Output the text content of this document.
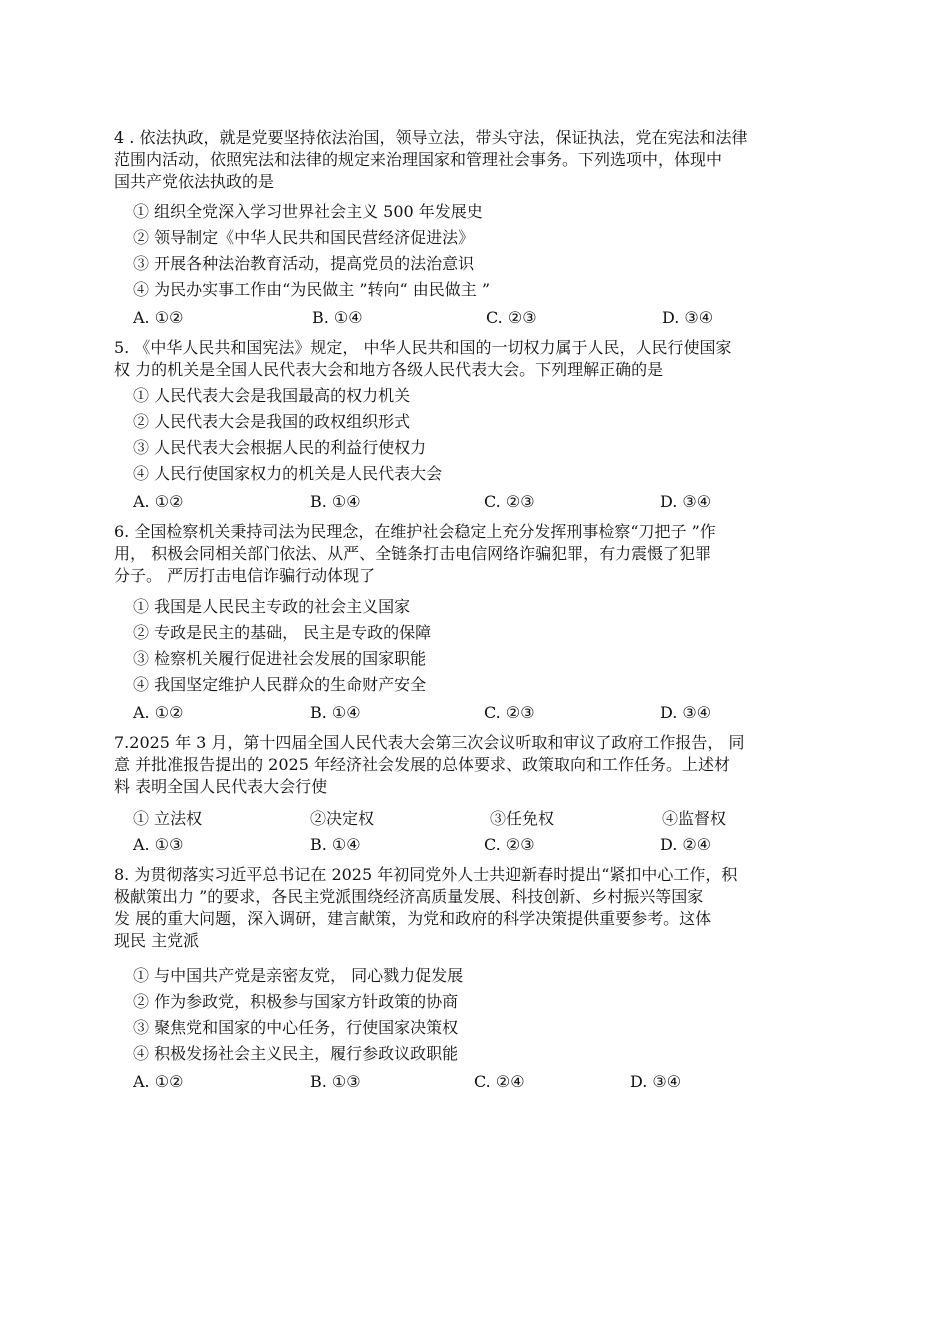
4 . 依法执政，就是党要坚持依法治国，领导立法，带头守法，保证执法，党在宪法和法律
范围内活动，依照宪法和法律的规定来治理国家和管理社会事务。下列选项中，体现中
国共产党依法执政的是
① 组织全党深入学习世界社会主义 500 年发展史
② 领导制定《中华人民共和国民营经济促进法》
③ 开展各种法治教育活动，提高党员的法治意识
④ 为民办实事工作由“为民做主 ”转向“ 由民做主 ”
A. ①②	B. ①④	C. ②③	D. ③④
5. 《中华人民共和国宪法》规定， 中华人民共和国的一切权力属于人民，人民行使国家
权 力的机关是全国人民代表大会和地方各级人民代表大会。下列理解正确的是
① 人民代表大会是我国最高的权力机关
② 人民代表大会是我国的政权组织形式
③ 人民代表大会根据人民的利益行使权力
④ 人民行使国家权力的机关是人民代表大会
A. ①②	B. ①④	C. ②③	D. ③④
6. 全国检察机关秉持司法为民理念，在维护社会稳定上充分发挥刑事检察“刀把子 ”作
用， 积极会同相关部门依法、从严、全链条打击电信网络诈骗犯罪，有力震慑了犯罪
分子。 严厉打击电信诈骗行动体现了
① 我国是人民民主专政的社会主义国家
② 专政是民主的基础， 民主是专政的保障
③ 检察机关履行促进社会发展的国家职能
④ 我国坚定维护人民群众的生命财产安全
A. ①②	B. ①④	C. ②③	D. ③④
7.2025 年 3 月，第十四届全国人民代表大会第三次会议听取和审议了政府工作报告， 同
意 并批准报告提出的 2025 年经济社会发展的总体要求、政策取向和工作任务。上述材
料 表明全国人民代表大会行使
① 立法权	②决定权	③任免权	④监督权
A. ①③	B. ①④	C. ②③	D. ②④
8. 为贯彻落实习近平总书记在 2025 年初同党外人士共迎新春时提出“紧扣中心工作，积
极献策出力 ”的要求，各民主党派围绕经济高质量发展、科技创新、乡村振兴等国家
发 展的重大问题，深入调研，建言献策，为党和政府的科学决策提供重要参考。这体
现民 主党派
① 与中国共产党是亲密友党， 同心戮力促发展
② 作为参政党，积极参与国家方针政策的协商
③ 聚焦党和国家的中心任务，行使国家决策权
④ 积极发扬社会主义民主，履行参政议政职能
A. ①②	B. ①③	C. ②④	D. ③④
